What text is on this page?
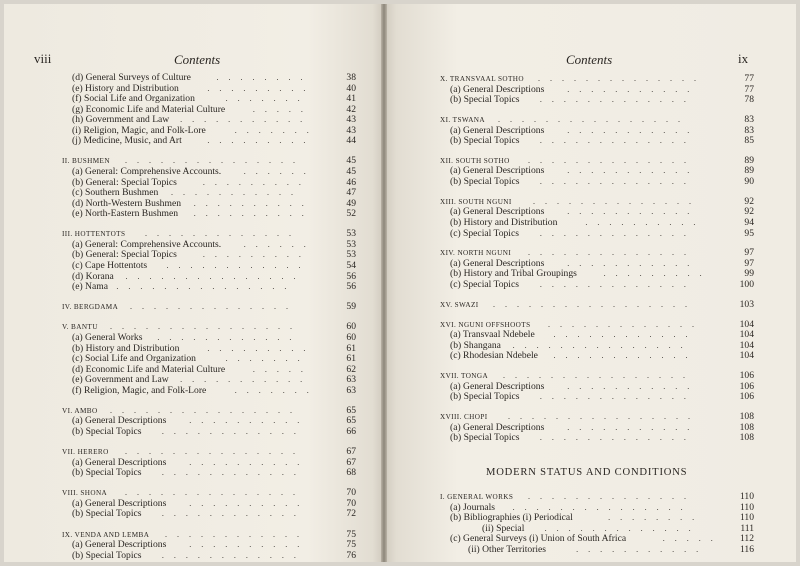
viii	Contents
(d) General Surveys of Culture	.  .  .  .  .  .  .  . 	38
(e) History and Distribution	.  .  .  .  .  .  .  .  . 	40
(f) Social Life and Organization	.  .  .  .  .  .  . 	41
(g) Economic Life and Material Culture	.  .  .  .  . 	42
(h) Government and Law .  .  .  .  .  .  .  .  .  .  . 	43
(i) Religion, Magic, and Folk-Lore	.  .  .  .  .  .  . 	43
(j) Medicine, Music, and Art	.  .  .  .  .  .  .  .  . 	44
II. BUSHMEN .  .  .  .  .  .  .  .  .  .  .  .  .  .  . 	45
(a) General: Comprehensive Accounts.	.  .  .  .  .  . 	45
(b) General: Special Topics	.  .  .  .  .  .  .  .  . 	46
(c) Southern Bushmen .  .  .  .  .  .  .  .  .  .  . 	47
(d) North-Western Bushmen .  .  .  .  .  .  .  .  .  . 	49
(e) North-Eastern Bushmen .  .  .  .  .  .  .  .  .  . 	52
III. HOTTENTOTS .  .  .  .  .  .  .  .  .  .  .  .  . 	53
(a) General: Comprehensive Accounts.	.  .  .  .  .  . 	53
(b) General: Special Topics	.  .  .  .  .  .  .  .  . 	53
(c) Cape Hottentots .  .  .  .  .  .  .  .  .  .  .  . 	54
(d) Korana .  .  .  .  .  .  .  .  .  .  .  .  .  .  . 	56
(e) Nama .  .  .  .  .  .  .  .  .  .  .  .  .  .  . 	56
IV. BERGDAMA .  .  .  .  .  .  .  .  .  .  .  .  .  . 	59
V. BANTU .  .  .  .  .  .  .  .  .  .  .  .  .  .  .  . 	60
(a) General Works .  .  .  .  .  .  .  .  .  .  .  . 	60
(b) History and Distribution	.  .  .  .  .  .  .  .  . 	61
(c) Social Life and Organization	.  .  .  .  .  .  . 	61
(d) Economic Life and Material Culture	.  .  .  .  . 	62
(e) Government and Law .  .  .  .  .  .  .  .  .  .  . 	63
(f) Religion, Magic, and Folk-Lore	.  .  .  .  .  .  . 	63
VI. AMBO .  .  .  .  .  .  .  .  .  .  .  .  .  .  .  . 	65
(a) General Descriptions	.  .  .  .  .  .  .  .  .  . 	65
(b) Special Topics	.  .  .  .  .  .  .  .  .  .  .  . 	66
VII. HERERO .  .  .  .  .  .  .  .  .  .  .  .  .  .  . 	67
(a) General Descriptions	.  .  .  .  .  .  .  .  .  . 	67
(b) Special Topics	.  .  .  .  .  .  .  .  .  .  .  . 	68
VIII. SHONA .  .  .  .  .  .  .  .  .  .  .  .  .  .  . 	70
(a) General Descriptions	.  .  .  .  .  .  .  .  .  . 	70
(b) Special Topics	.  .  .  .  .  .  .  .  .  .  .  . 	72
IX. VENDA AND LEMBA .  .  .  .  .  .  .  .  .  .  .  . 	75
(a) General Descriptions	.  .  .  .  .  .  .  .  .  . 	75
(b) Special Topics	.  .  .  .  .  .  .  .  .  .  .  . 	76
Contents	ix
X. TRANSVAAL SOTHO .  .  .  .  .  .  .  .  .  .  .  .  .  . 	77
(a) General Descriptions	.  .  .  .  .  .  .  .  .  .  . 	77
(b) Special Topics	.  .  .  .  .  .  .  .  .  .  .  .  . 	78
XI. TSWANA .  .  .  .  .  .  .  .  .  .  .  .  .  .  .  . 	83
(a) General Descriptions	.  .  .  .  .  .  .  .  .  .  . 	83
(b) Special Topics	.  .  .  .  .  .  .  .  .  .  .  .  . 	85
XII. SOUTH SOTHO .  .  .  .  .  .  .  .  .  .  .  .  .  . 	89
(a) General Descriptions	.  .  .  .  .  .  .  .  .  .  . 	89
(b) Special Topics	.  .  .  .  .  .  .  .  .  .  .  .  . 	90
XIII. SOUTH NGUNI	.  .  .  .  .  .  .  .  .  .  .  .  .  . 	92
(a) General Descriptions	.  .  .  .  .  .  .  .  .  .  . 	92
(b) History and Distribution	.  .  .  .  .  .  .  .  .  . 	94
(c) Special Topics	.  .  .  .  .  .  .  .  .  .  .  .  . 	95
XIV. NORTH NGUNI .  .  .  .  .  .  .  .  .  .  .  .  .  . 	97
(a) General Descriptions	.  .  .  .  .  .  .  .  .  .  . 	97
(b) History and Tribal Groupings	.  .  .  .  .  .  .  .  . 	99
(c) Special Topics	.  .  .  .  .  .  .  .  .  .  .  .  . 	100
XV. SWAZI .  .  .  .  .  .  .  .  .  .  .  .  .  .  .  .  . 	103
XVI. NGUNI OFFSHOOTS .  .  .  .  .  .  .  .  .  .  .  .  . 	104
(a) Transvaal Ndebele .  .  .  .  .  .  .  .  .  .  .  . 	104
(b) Shangana .  .  .  .  .  .  .  .  .  .  .  .  .  .  . 	104
(c) Rhodesian Ndebele .  .  .  .  .  .  .  .  .  .  .  . 	104
XVII. TONGA .  .  .  .  .  .  .  .  .  .  .  .  .  .  .  . 	106
(a) General Descriptions	.  .  .  .  .  .  .  .  .  .  . 	106
(b) Special Topics	.  .  .  .  .  .  .  .  .  .  .  .  . 	106
XVIII. CHOPI	.  .  .  .  .  .  .  .  .  .  .  .  .  .  .  . 	108
(a) General Descriptions	.  .  .  .  .  .  .  .  .  .  . 	108
(b) Special Topics	.  .  .  .  .  .  .  .  .  .  .  .  . 	108
MODERN STATUS AND CONDITIONS
I. GENERAL WORKS .  .  .  .  .  .  .  .  .  .  .  .  .  . 	110
(a) Journals .  .  .  .  .  .  .  .  .  .  .  .  .  .  . 	110
(b) Bibliographies (i) Periodical	.  .  .  .  .  .  .  . 	110
(ii) Special	.  .  .  .  .  .  .  .  .  .  .  .  . 	111
(c) General Surveys (i) Union of South Africa	.  .  .  .  . 	112
(ii) Other Territories	.  .  .  .  .  .  .  .  .  .  . 	116
